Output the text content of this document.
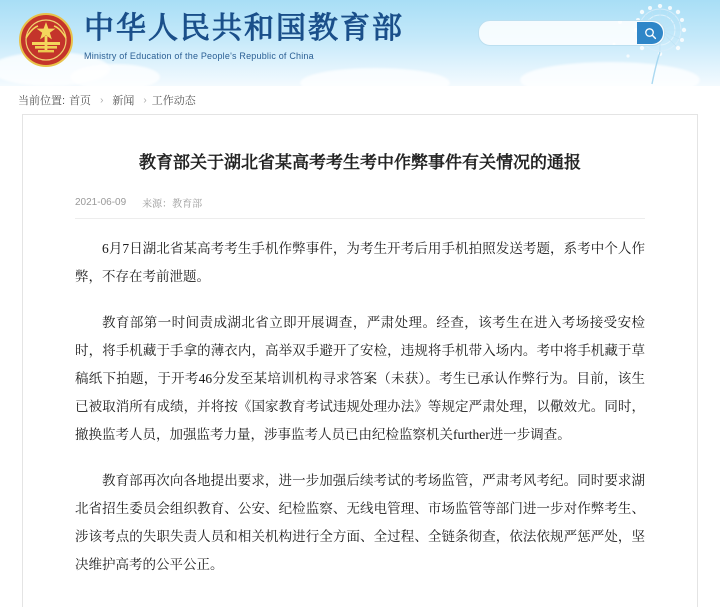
中华人民共和国教育部
Ministry of Education of the People's Republic of China
当前位置: 首页 › 新闻 › 工作动态
教育部关于湖北省某高考考生考中作弊事件有关情况的通报
2021-06-09 来源：教育部

6月7日湖北省某高考考生手机作弊事件，为考生开考后用手机拍照发送考题，系考中个人作弊，不存在考前泄题。

教育部第一时间责成湖北省立即开展调查，严肃处理。经查，该考生在进入考场接受安检时，将手机藏于手拿的薄衣内，高举双手避开了安检，违规将手机带入场内。考中将手机藏于草稿纸下拍题，于开考46分发至某培训机构寻求答案（未获）。考生已承认作弊行为。目前，该生已被取消所有成绩，并将按《国家教育考试违规处理办法》等规定严肃处理，以儆效尤。同时，撤换监考人员，加强监考力量，涉事监考人员已由纪检监察机关further进一步调查。

教育部再次向各地提出要求，进一步加强后续考试的考场监管，严肃考风考纪。同时要求湖北省招生委员会组织教育、公安、纪检监察、无线电管理、市场监管等部门进一步对作弊考生、涉该考点的失职失责人员和相关机构进行全方面、全过程、全链条彻查，依法依规严惩严处，坚决维护高考的公平公正。
